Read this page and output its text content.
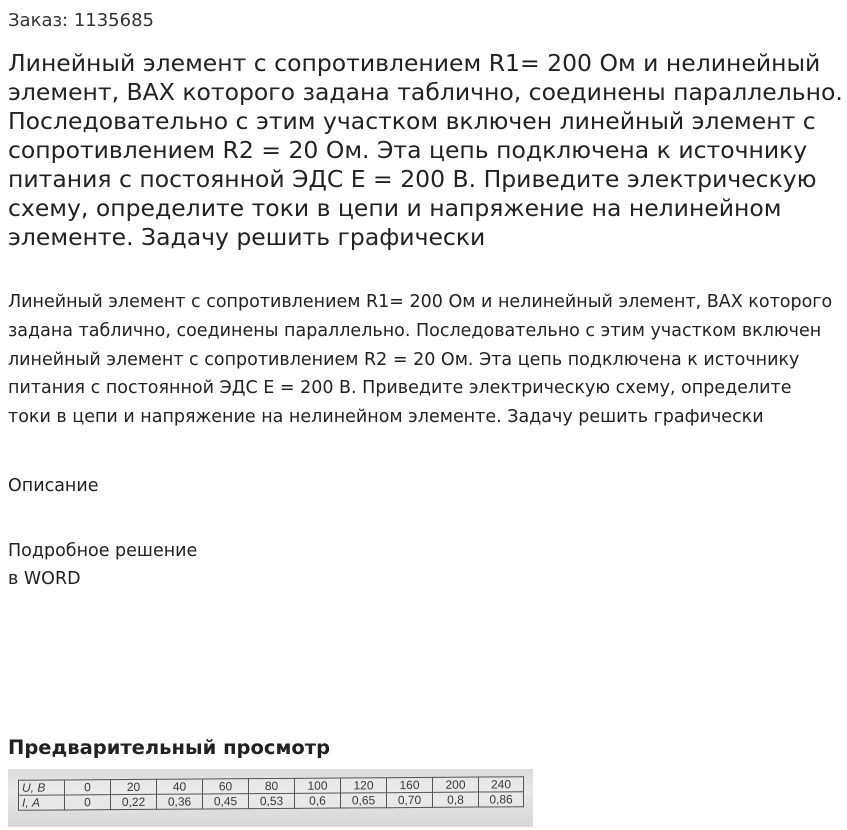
Заказ: 1135685
Линейный элемент с сопротивлением R1= 200 Ом и нелинейный элемент, ВАХ которого задана таблично, соединены параллельно. Последовательно с этим участком включен линейный элемент с сопротивлением R2 = 20 Ом. Эта цепь подключена к источнику питания с постоянной ЭДС Е = 200 В. Приведите электрическую схему, определите токи в цепи и напряжение на нелинейном элементе. Задачу решить графически

Линейный элемент с сопротивлением R1= 200 Ом и нелинейный элемент, ВАХ которого задана таблично, соединены параллельно. Последовательно с этим участком включен линейный элемент с сопротивлением R2 = 20 Ом. Эта цепь подключена к источнику питания с постоянной ЭДС Е = 200 В. Приведите электрическую схему, определите токи в цепи и напряжение на нелинейном элементе. Задачу решить графически

Описание
Подробное решение
в WORD
Предварительный просмотр
U, В	0	20	40	60	80	100	120	160	200	240
I, А	0	0,22	0,36	0,45	0,53	0,6	0,65	0,70	0,8	0,86
